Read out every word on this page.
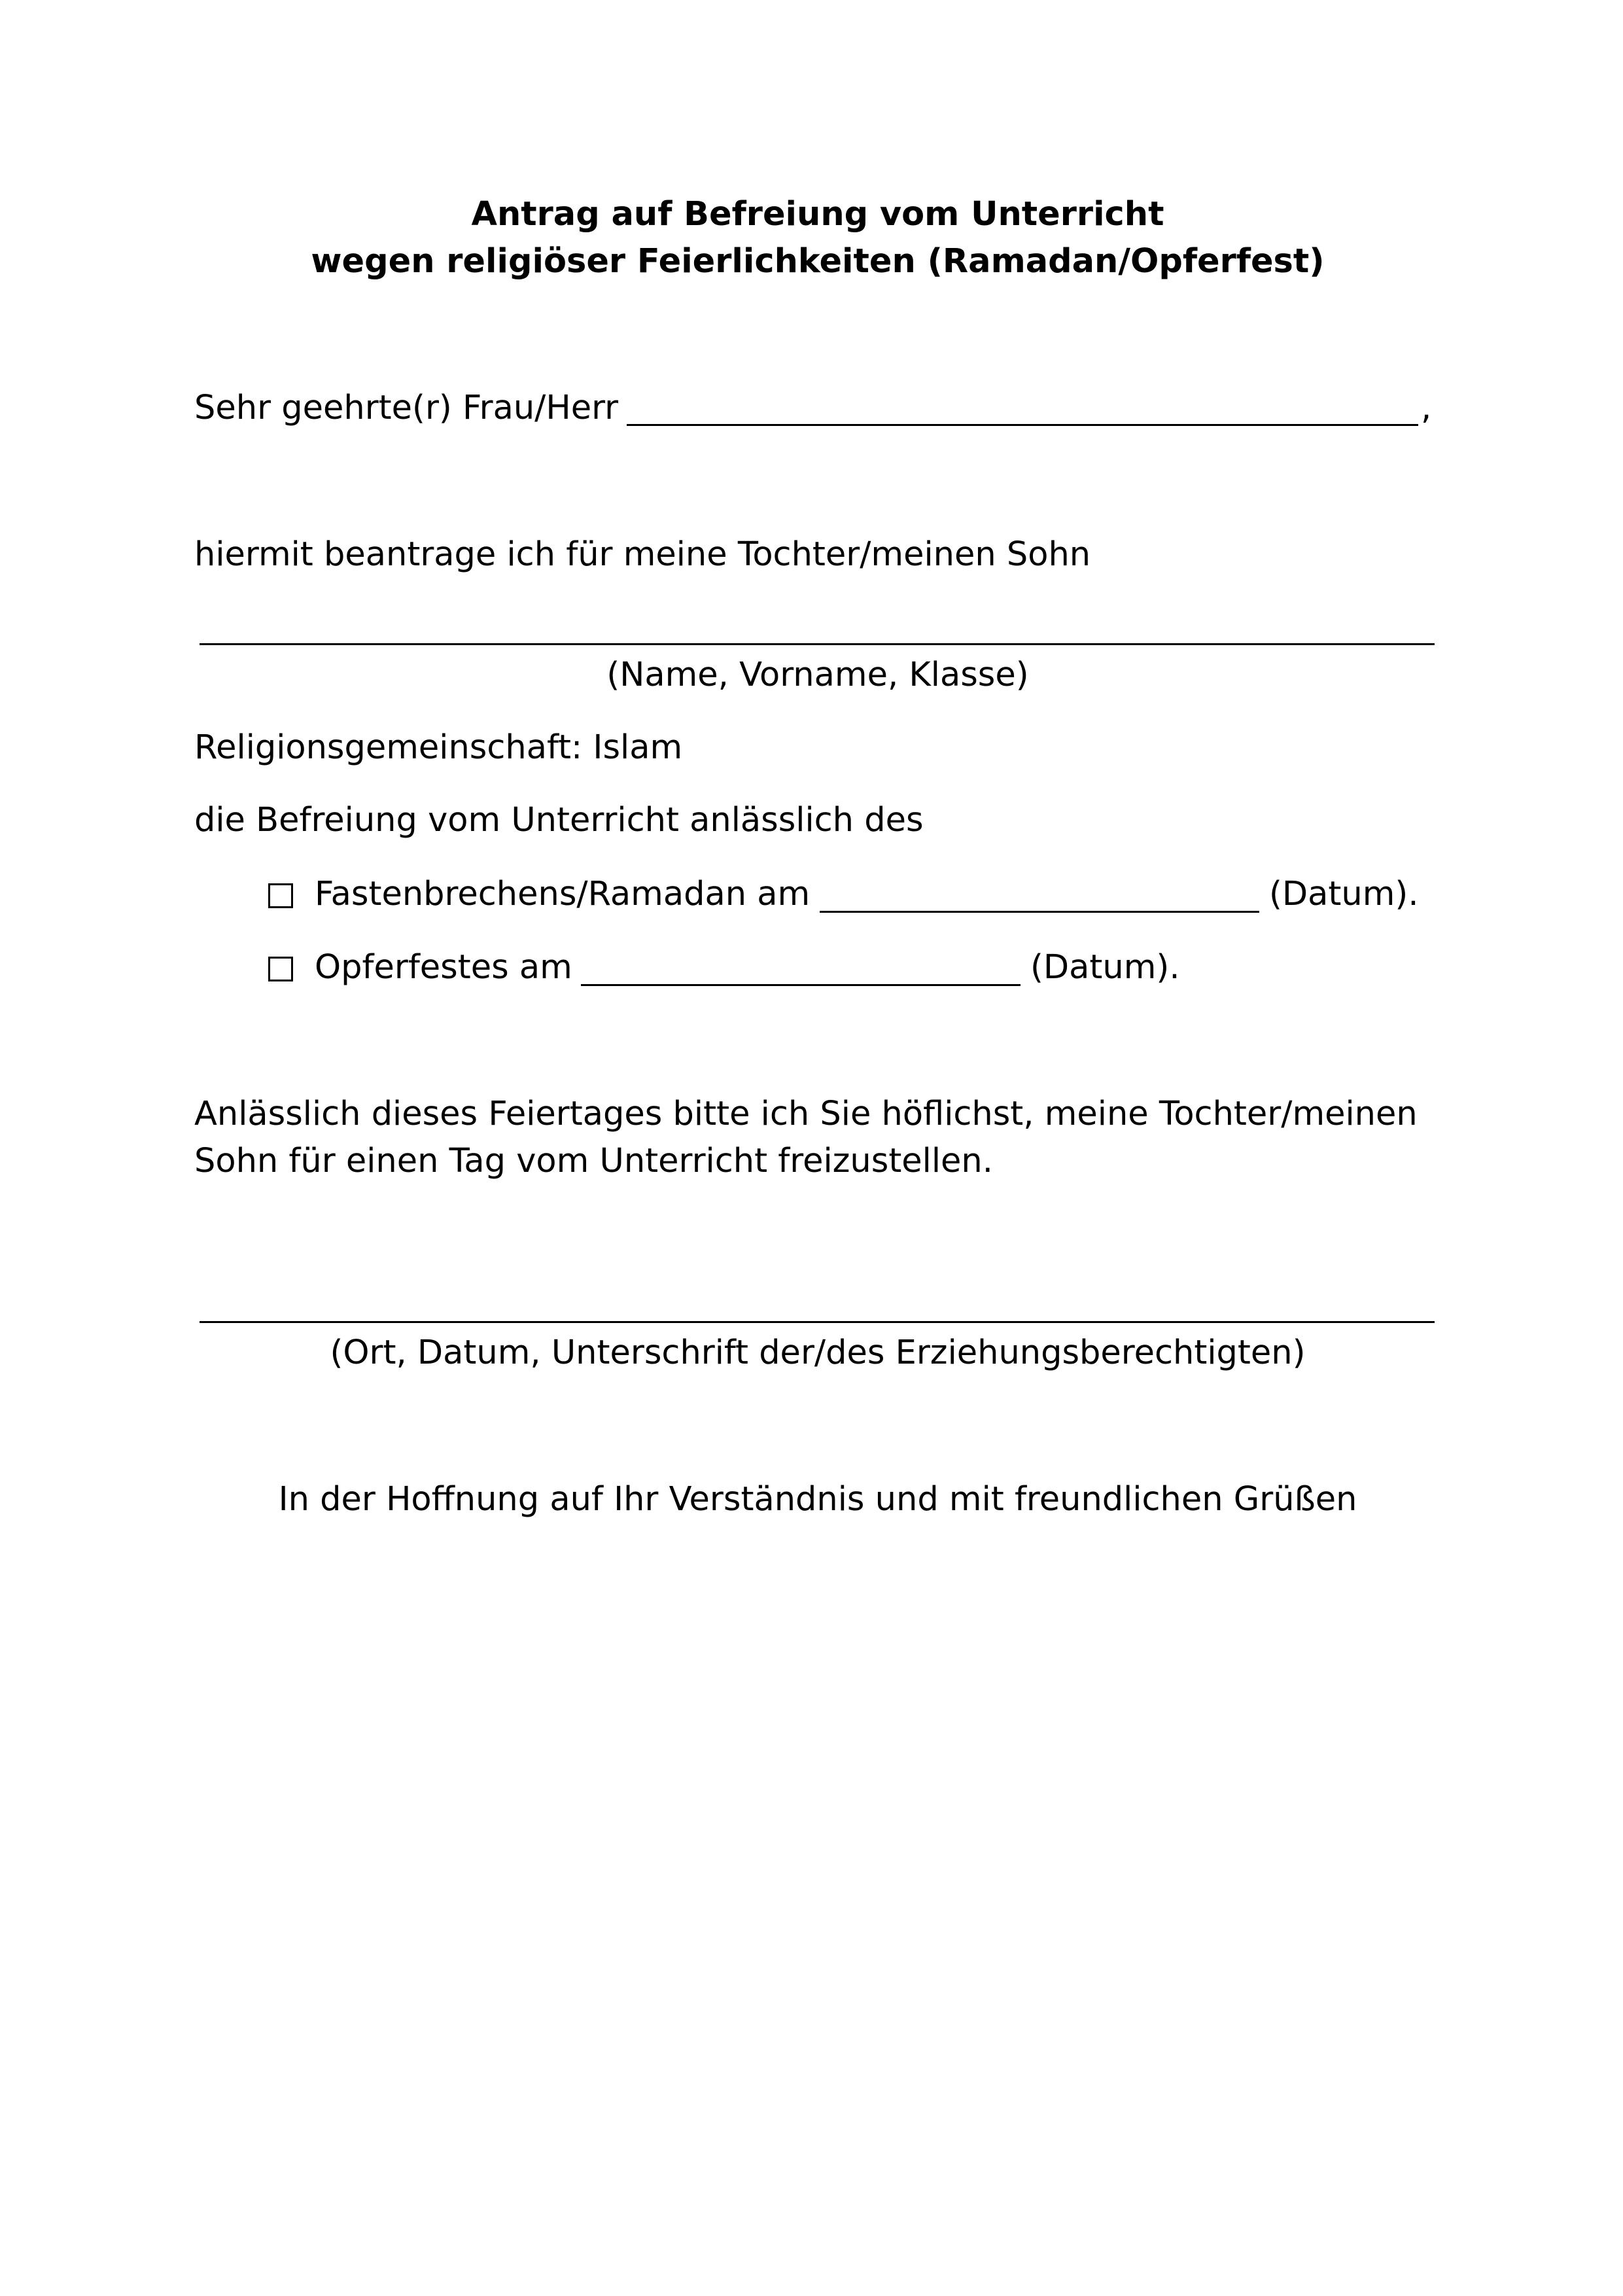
Antrag auf Befreiung vom Unterricht

wegen religiöser Feierlichkeiten (Ramadan/Opferfest)

Sehr geehrte(r) Frau/Herr	,

hiermit beantrage ich für meine Tochter/meinen Sohn

(Name, Vorname, Klasse)

Religionsgemeinschaft: Islam

die Befreiung vom Unterricht anlässlich des

Fastenbrechens/Ramadan am	(Datum).

Opferfestes am	(Datum).

Anlässlich dieses Feiertages bitte ich Sie höflichst, meine Tochter/meinen

Sohn für einen Tag vom Unterricht freizustellen.

(Ort, Datum, Unterschrift der/des Erziehungsberechtigten)

In der Hoffnung auf Ihr Verständnis und mit freundlichen Grüßen
